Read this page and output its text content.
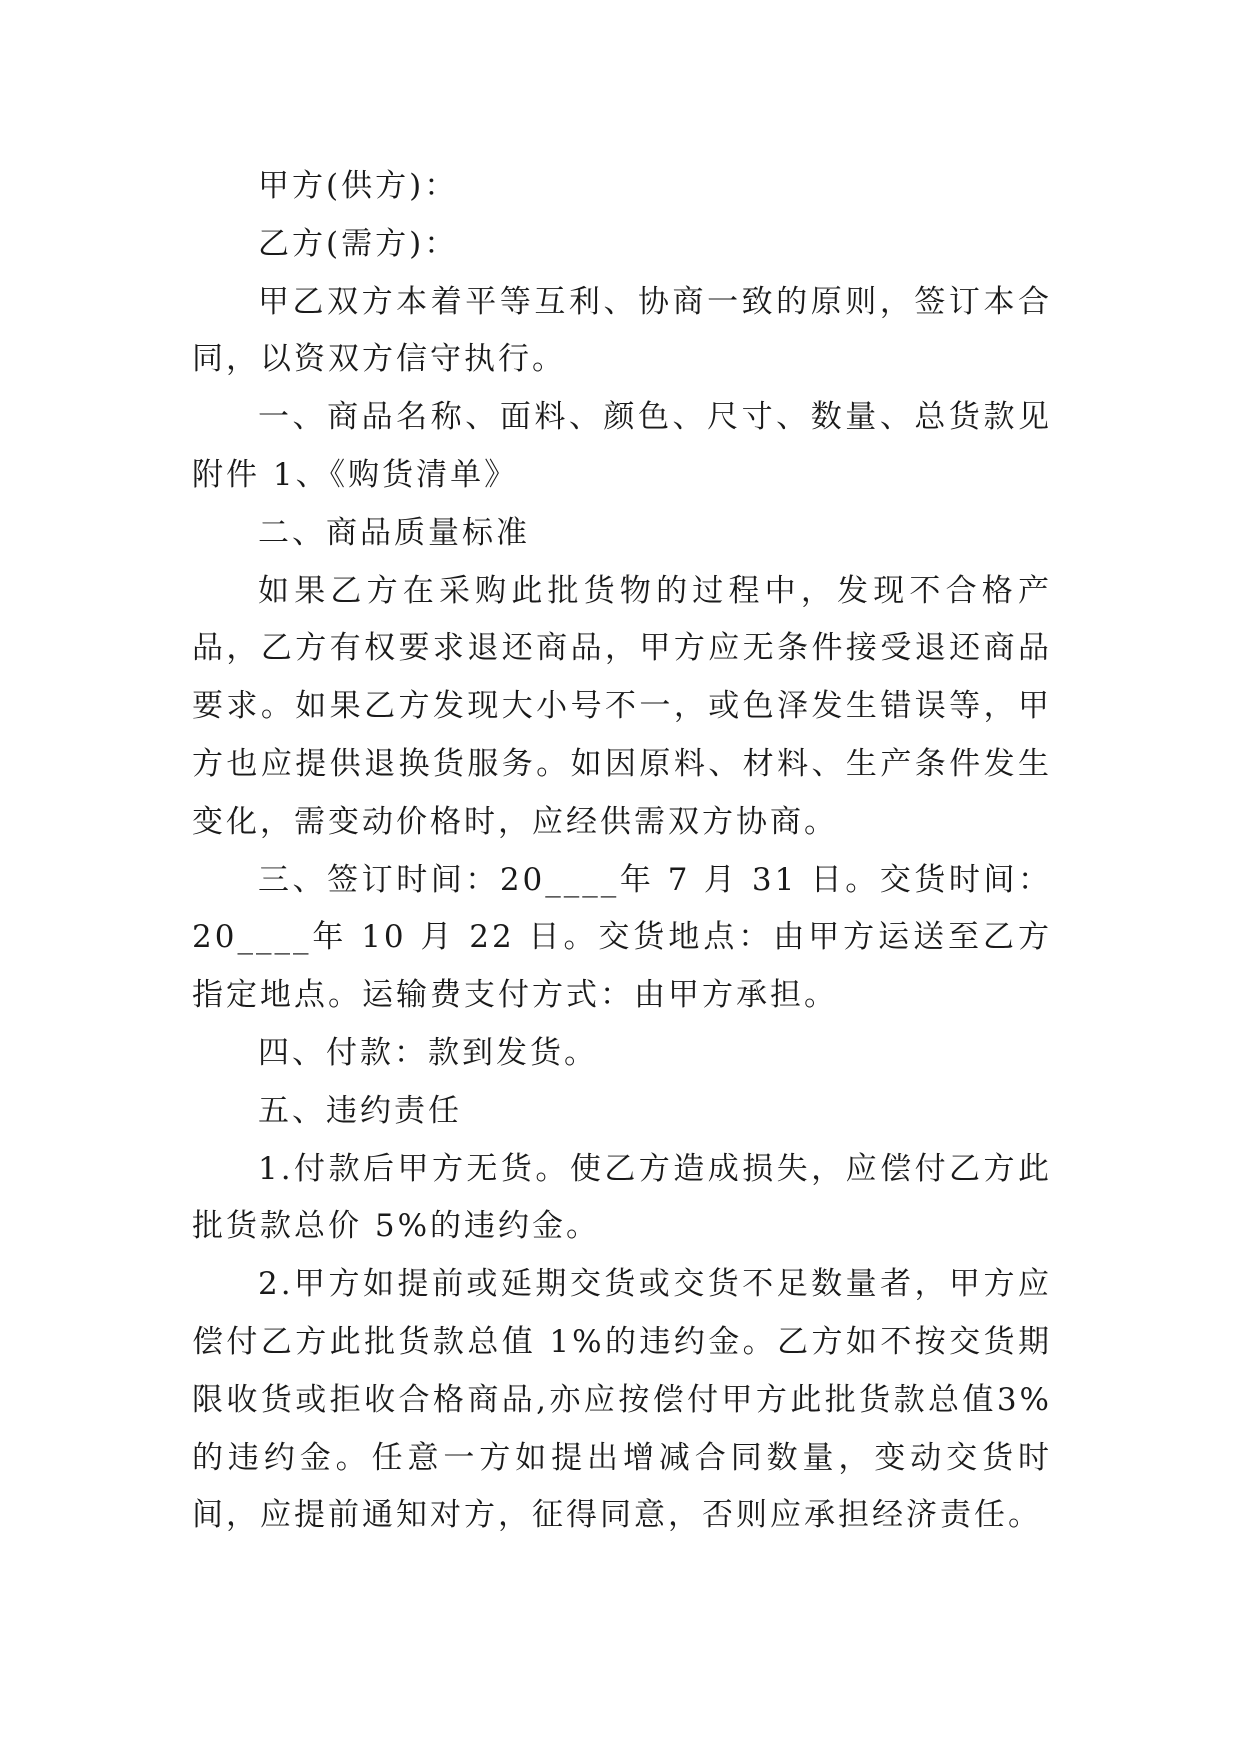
甲方(供方)：

乙方(需方)：

甲乙双方本着平等互利、协商一致的原则，签订本合同，以资双方信守执行。

一、商品名称、面料、颜色、尺寸、数量、总货款见附件 1、《购货清单》

二、商品质量标准

如果乙方在采购此批货物的过程中，发现不合格产品，乙方有权要求退还商品，甲方应无条件接受退还商品要求。如果乙方发现大小号不一，或色泽发生错误等，甲方也应提供退换货服务。如因原料、材料、生产条件发生变化，需变动价格时，应经供需双方协商。

三、签订时间：20____年 7 月 31 日。交货时间：20____年 10 月 22 日。交货地点：由甲方运送至乙方指定地点。运输费支付方式：由甲方承担。

四、付款：款到发货。

五、违约责任

1.付款后甲方无货。使乙方造成损失，应偿付乙方此批货款总价 5%的违约金。

2.甲方如提前或延期交货或交货不足数量者，甲方应偿付乙方此批货款总值 1%的违约金。乙方如不按交货期限收货或拒收合格商品,亦应按偿付甲方此批货款总值3%的违约金。任意一方如提出增减合同数量，变动交货时间，应提前通知对方，征得同意，否则应承担经济责任。
